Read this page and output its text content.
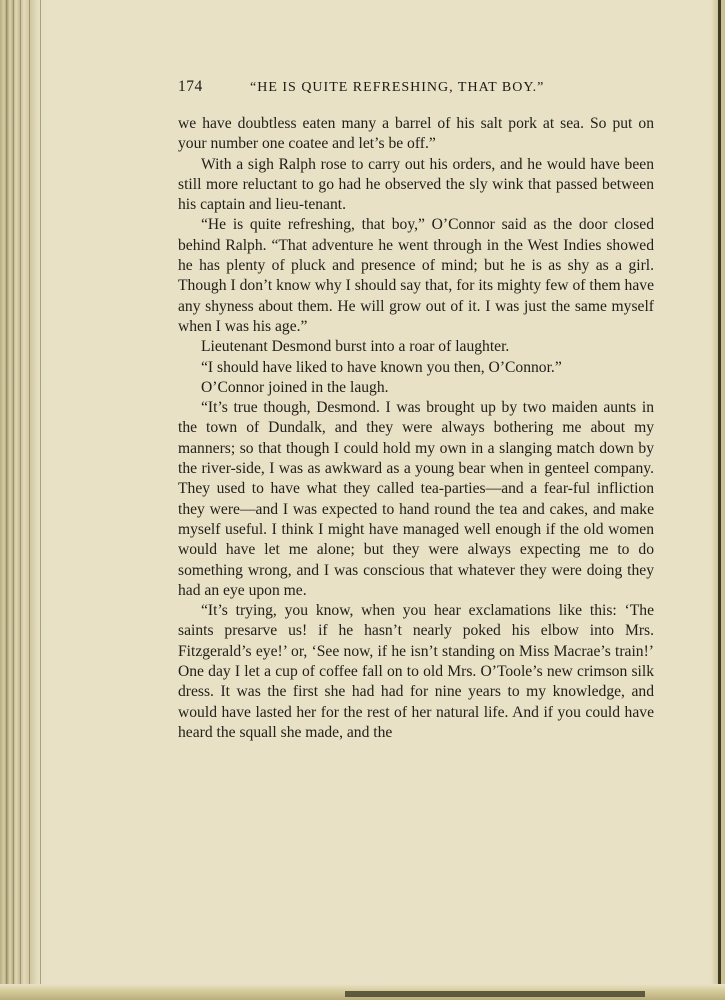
174	“HE IS QUITE REFRESHING, THAT BOY.”

we have doubtless eaten many a barrel of his salt pork at sea. So put on your number one coatee and let’s be off.”

With a sigh Ralph rose to carry out his orders, and he would have been still more reluctant to go had he observed the sly wink that passed between his captain and lieu-tenant.

“He is quite refreshing, that boy,” O’Connor said as the door closed behind Ralph. “That adventure he went through in the West Indies showed he has plenty of pluck and presence of mind; but he is as shy as a girl. Though I don’t know why I should say that, for its mighty few of them have any shyness about them. He will grow out of it. I was just the same myself when I was his age.”

Lieutenant Desmond burst into a roar of laughter.

“I should have liked to have known you then, O’Connor.”

O’Connor joined in the laugh.

“It’s true though, Desmond. I was brought up by two maiden aunts in the town of Dundalk, and they were always bothering me about my manners; so that though I could hold my own in a slanging match down by the river-side, I was as awkward as a young bear when in genteel company. They used to have what they called tea-parties—and a fear-ful infliction they were—and I was expected to hand round the tea and cakes, and make myself useful. I think I might have managed well enough if the old women would have let me alone; but they were always expecting me to do something wrong, and I was conscious that whatever they were doing they had an eye upon me.

“It’s trying, you know, when you hear exclamations like this: ‘The saints presarve us! if he hasn’t nearly poked his elbow into Mrs. Fitzgerald’s eye!’ or, ‘See now, if he isn’t standing on Miss Macrae’s train!’ One day I let a cup of coffee fall on to old Mrs. O’Toole’s new crimson silk dress. It was the first she had had for nine years to my knowledge, and would have lasted her for the rest of her natural life. And if you could have heard the squall she made, and the
